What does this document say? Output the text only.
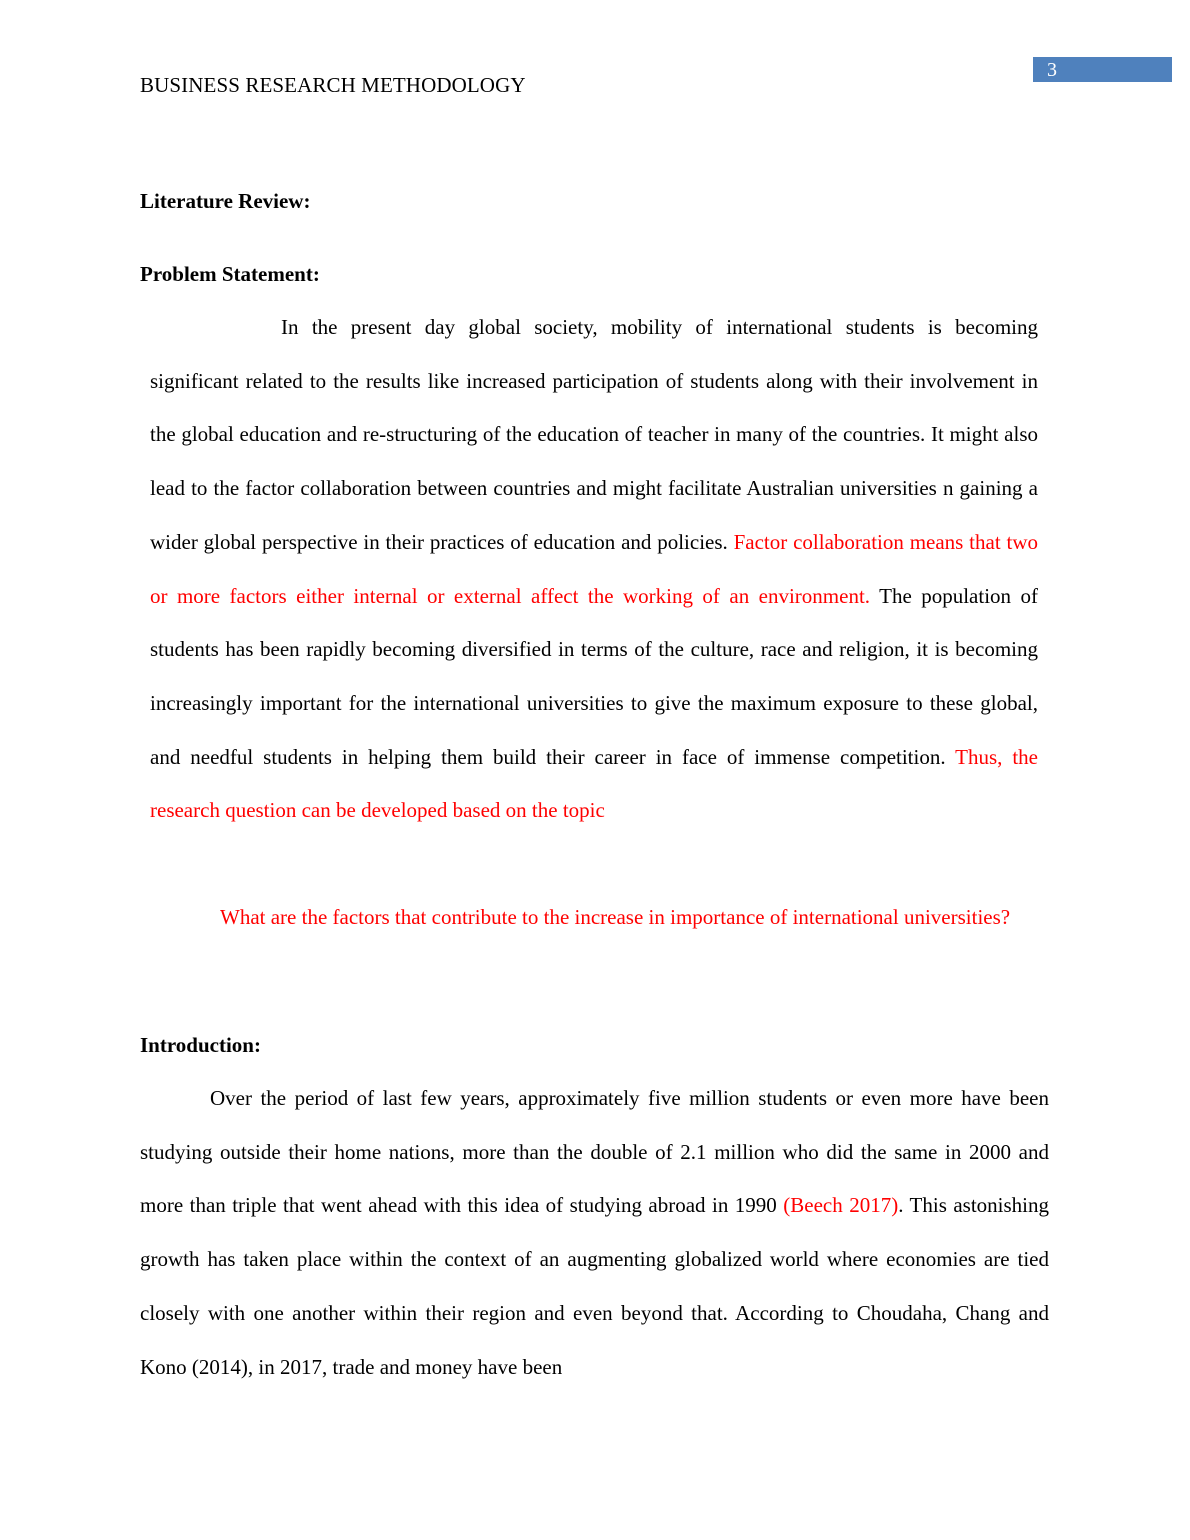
3
BUSINESS RESEARCH METHODOLOGY
Literature Review:
Problem Statement:

In the present day global society, mobility of international students is becoming significant related to the results like increased participation of students along with their involvement in the global education and re-structuring of the education of teacher in many of the countries. It might also lead to the factor collaboration between countries and might facilitate Australian universities n gaining a wider global perspective in their practices of education and policies. Factor collaboration means that two or more factors either internal or external affect the working of an environment. The population of students has been rapidly becoming diversified in terms of the culture, race and religion, it is becoming increasingly important for the international universities to give the maximum exposure to these global, and needful students in helping them build their career in face of immense competition. Thus, the research question can be developed based on the topic

What are the factors that contribute to the increase in importance of international universities?

Introduction:

Over the period of last few years, approximately five million students or even more have been studying outside their home nations, more than the double of 2.1 million who did the same in 2000 and more than triple that went ahead with this idea of studying abroad in 1990 (Beech 2017). This astonishing growth has taken place within the context of an augmenting globalized world where economies are tied closely with one another within their region and even beyond that. According to Choudaha, Chang and Kono (2014), in 2017, trade and money have been
